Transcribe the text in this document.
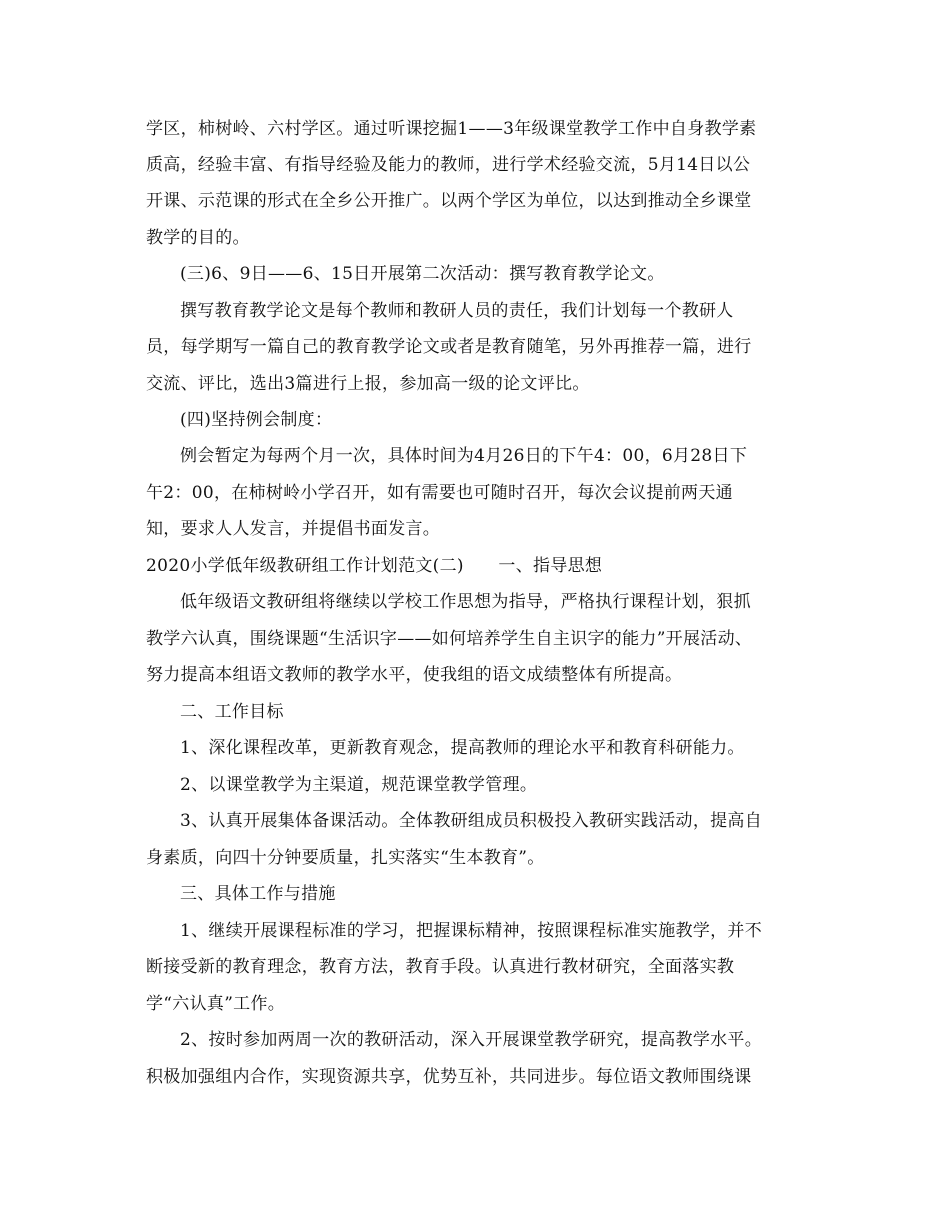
学区，柿树岭、六村学区。通过听课挖掘1——3年级课堂教学工作中自身教学素
质高，经验丰富、有指导经验及能力的教师，进行学术经验交流，5月14日以公
开课、示范课的形式在全乡公开推广。以两个学区为单位，以达到推动全乡课堂
教学的目的。
(三)6、9日——6、15日开展第二次活动：撰写教育教学论文。
撰写教育教学论文是每个教师和教研人员的责任，我们计划每一个教研人
员，每学期写一篇自己的教育教学论文或者是教育随笔，另外再推荐一篇，进行
交流、评比，选出3篇进行上报，参加高一级的论文评比。
(四)坚持例会制度：
例会暂定为每两个月一次，具体时间为4月26日的下午4：00，6月28日下
午2：00，在柿树岭小学召开，如有需要也可随时召开，每次会议提前两天通
知，要求人人发言，并提倡书面发言。
2020小学低年级教研组工作计划范文(二)　　一、指导思想
低年级语文教研组将继续以学校工作思想为指导，严格执行课程计划，狠抓
教学六认真，围绕课题“生活识字——如何培养学生自主识字的能力”开展活动、
努力提高本组语文教师的教学水平，使我组的语文成绩整体有所提高。
二、工作目标
1、深化课程改革，更新教育观念，提高教师的理论水平和教育科研能力。
2、以课堂教学为主渠道，规范课堂教学管理。
3、认真开展集体备课活动。全体教研组成员积极投入教研实践活动，提高自
身素质，向四十分钟要质量，扎实落实“生本教育”。
三、具体工作与措施
1、继续开展课程标准的学习，把握课标精神，按照课程标准实施教学，并不
断接受新的教育理念，教育方法，教育手段。认真进行教材研究，全面落实教
学“六认真”工作。
2、按时参加两周一次的教研活动，深入开展课堂教学研究，提高教学水平。
积极加强组内合作，实现资源共享，优势互补，共同进步。每位语文教师围绕课
